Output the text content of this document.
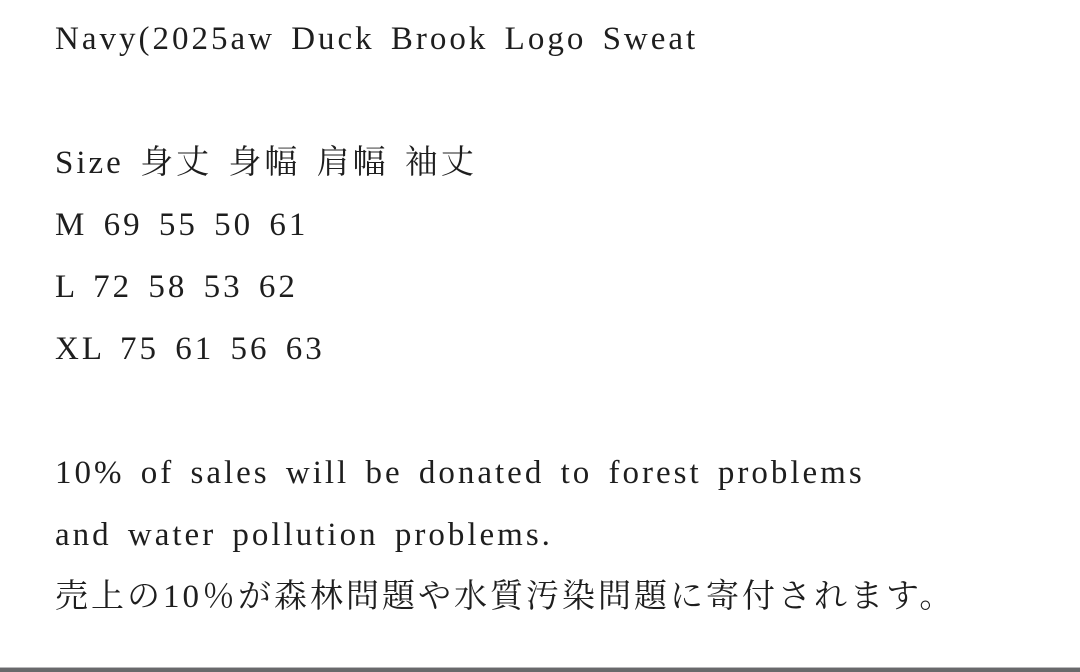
Navy(2025aw Duck Brook Logo Sweat
Size 身丈 身幅 肩幅 袖丈
M 69 55 50 61
L 72 58 53 62
XL 75 61 56 63
10% of sales will be donated to forest problems
and water pollution problems.
売上の10％が森林問題や水質汚染問題に寄付されます。
